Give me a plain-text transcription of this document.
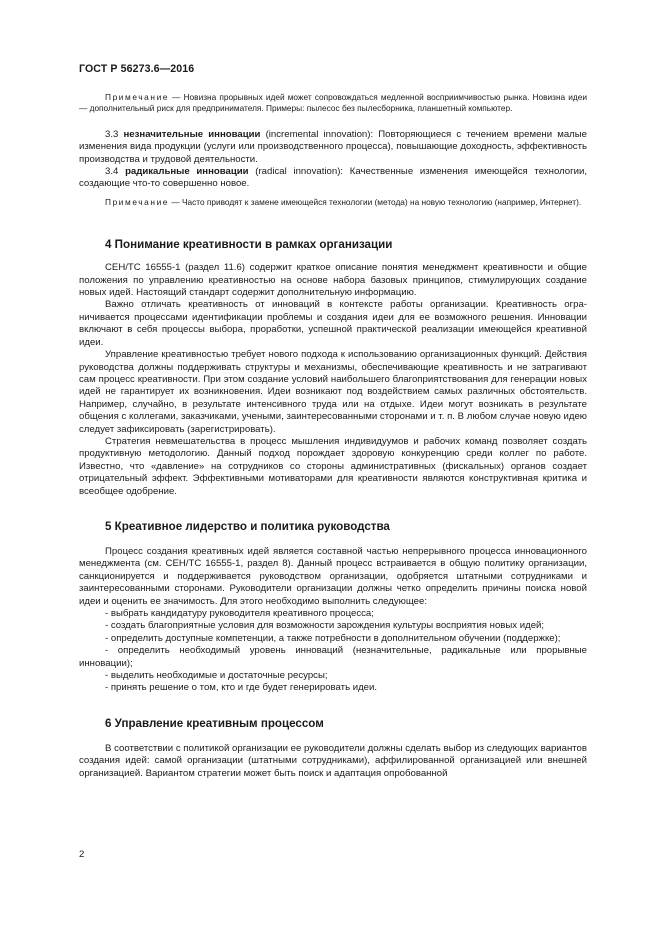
ГОСТ Р 56273.6—2016

Примечание — Новизна прорывных идей может сопровождаться медленной восприимчивостью рынка. Новизна идеи — дополнительный риск для предпринимателя. Примеры: пылесос без пылесборника, планшетный компьютер.

3.3 незначительные инновации (incremental innovation): Повторяющиеся с течением времени малые изменения вида продукции (услуги или производственного процесса), повышающие доходность, эффективность производства и трудовой деятельности.

3.4 радикальные инновации (radical innovation): Качественные изменения имеющейся технологии, создающие что-то совершенно новое.

Примечание — Часто приводят к замене имеющейся технологии (метода) на новую технологию (например, Интернет).

4 Понимание креативности в рамках организации

CEH/TC 16555-1 (раздел 11.6) содержит краткое описание понятия менеджмент креативности и общие положения по управлению креативностью на основе набора базовых принципов, стимулирующих создание новых идей. Настоящий стандарт содержит дополнительную информацию.

Важно отличать креативность от инноваций в контексте работы организации. Креативность ограничивается процессами идентификации проблемы и создания идеи для ее возможного решения. Инновации включают в себя процессы выбора, проработки, успешной практической реализации имеющейся креативной идеи.

Управление креативностью требует нового подхода к использованию организационных функций. Действия руководства должны поддерживать структуры и механизмы, обеспечивающие креативность и не затрагивают сам процесс креативности. При этом создание условий наибольшего благоприятствования для генерации новых идей не гарантирует их возникновения. Идеи возникают под воздействием самых различных обстоятельств. Например, случайно, в результате интенсивного труда или на отдыхе. Идеи могут возникать в результате общения с коллегами, заказчиками, учеными, заинтересованными сторонами и т. п. В любом случае новую идею следует зафиксировать (зарегистрировать).

Стратегия невмешательства в процесс мышления индивидуумов и рабочих команд позволяет создать продуктивную методологию. Данный подход порождает здоровую конкуренцию среди коллег по работе. Известно, что «давление» на сотрудников со стороны административных (фискальных) органов создает отрицательный эффект. Эффективными мотиваторами для креативности являются конструктивная критика и всеобщее одобрение.

5 Креативное лидерство и политика руководства

Процесс создания креативных идей является составной частью непрерывного процесса инновационного менеджмента (см. CEH/TC 16555-1, раздел 8). Данный процесс встраивается в общую политику организации, санкционируется и поддерживается руководством организации, одобряется штатными сотрудниками и заинтересованными сторонами. Руководители организации должны четко определить причины поиска новой идеи и оценить ее значимость. Для этого необходимо выполнить следующее:

- выбрать кандидатуру руководителя креативного процесса;

- создать благоприятные условия для возможности зарождения культуры восприятия новых идей;

- определить доступные компетенции, а также потребности в дополнительном обучении (поддержке);

- определить необходимый уровень инноваций (незначительные, радикальные или прорывные инновации);

- выделить необходимые и достаточные ресурсы;

- принять решение о том, кто и где будет генерировать идеи.

6 Управление креативным процессом

В соответствии с политикой организации ее руководители должны сделать выбор из следующих вариантов создания идей: самой организации (штатными сотрудниками), аффилированной организацией или внешней организацией. Вариантом стратегии может быть поиск и адаптация опробованной

2
